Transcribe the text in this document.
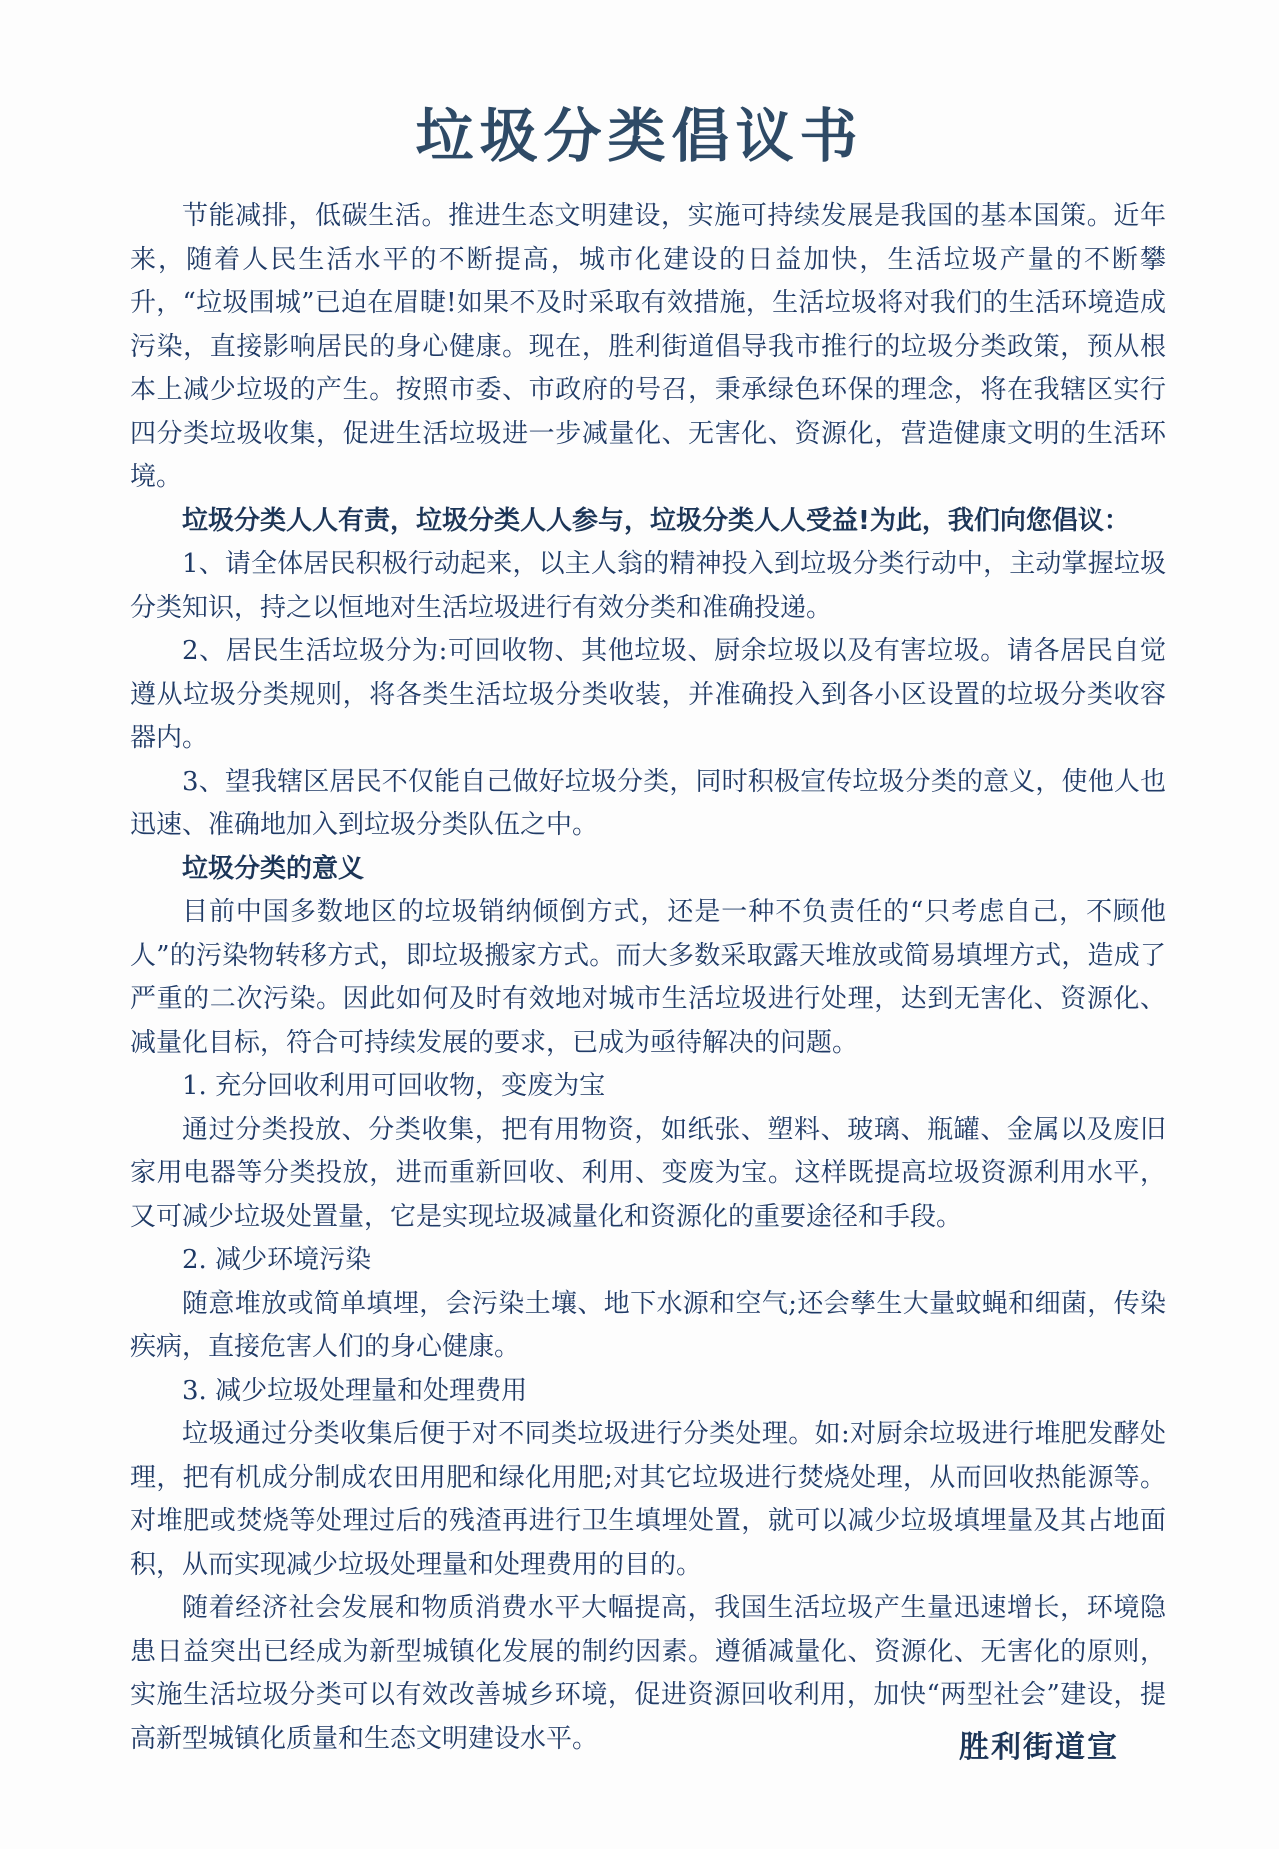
垃圾分类倡议书

节能减排，低碳生活。推进生态文明建设，实施可持续发展是我国的基本国策。近年来，随着人民生活水平的不断提高，城市化建设的日益加快，生活垃圾产量的不断攀升，“垃圾围城”已迫在眉睫!如果不及时采取有效措施，生活垃圾将对我们的生活环境造成污染，直接影响居民的身心健康。现在，胜利街道倡导我市推行的垃圾分类政策，预从根本上减少垃圾的产生。按照市委、市政府的号召，秉承绿色环保的理念，将在我辖区实行四分类垃圾收集，促进生活垃圾进一步减量化、无害化、资源化，营造健康文明的生活环境。

垃圾分类人人有责，垃圾分类人人参与，垃圾分类人人受益!为此，我们向您倡议：

1、请全体居民积极行动起来，以主人翁的精神投入到垃圾分类行动中，主动掌握垃圾分类知识，持之以恒地对生活垃圾进行有效分类和准确投递。

2、居民生活垃圾分为:可回收物、其他垃圾、厨余垃圾以及有害垃圾。请各居民自觉遵从垃圾分类规则，将各类生活垃圾分类收装，并准确投入到各小区设置的垃圾分类收容器内。

3、望我辖区居民不仅能自己做好垃圾分类，同时积极宣传垃圾分类的意义，使他人也迅速、准确地加入到垃圾分类队伍之中。

垃圾分类的意义

目前中国多数地区的垃圾销纳倾倒方式，还是一种不负责任的“只考虑自己，不顾他人”的污染物转移方式，即垃圾搬家方式。而大多数采取露天堆放或简易填埋方式，造成了严重的二次污染。因此如何及时有效地对城市生活垃圾进行处理，达到无害化、资源化、减量化目标，符合可持续发展的要求，已成为亟待解决的问题。

1. 充分回收利用可回收物，变废为宝

通过分类投放、分类收集，把有用物资，如纸张、塑料、玻璃、瓶罐、金属以及废旧家用电器等分类投放，进而重新回收、利用、变废为宝。这样既提高垃圾资源利用水平，又可减少垃圾处置量，它是实现垃圾减量化和资源化的重要途径和手段。

2. 减少环境污染

随意堆放或简单填埋，会污染土壤、地下水源和空气;还会孳生大量蚊蝇和细菌，传染疾病，直接危害人们的身心健康。

3. 减少垃圾处理量和处理费用

垃圾通过分类收集后便于对不同类垃圾进行分类处理。如:对厨余垃圾进行堆肥发酵处理，把有机成分制成农田用肥和绿化用肥;对其它垃圾进行焚烧处理，从而回收热能源等。对堆肥或焚烧等处理过后的残渣再进行卫生填埋处置，就可以减少垃圾填埋量及其占地面积，从而实现减少垃圾处理量和处理费用的目的。

随着经济社会发展和物质消费水平大幅提高，我国生活垃圾产生量迅速增长，环境隐患日益突出已经成为新型城镇化发展的制约因素。遵循减量化、资源化、无害化的原则，实施生活垃圾分类可以有效改善城乡环境，促进资源回收利用，加快“两型社会”建设，提高新型城镇化质量和生态文明建设水平。	胜利街道宣
